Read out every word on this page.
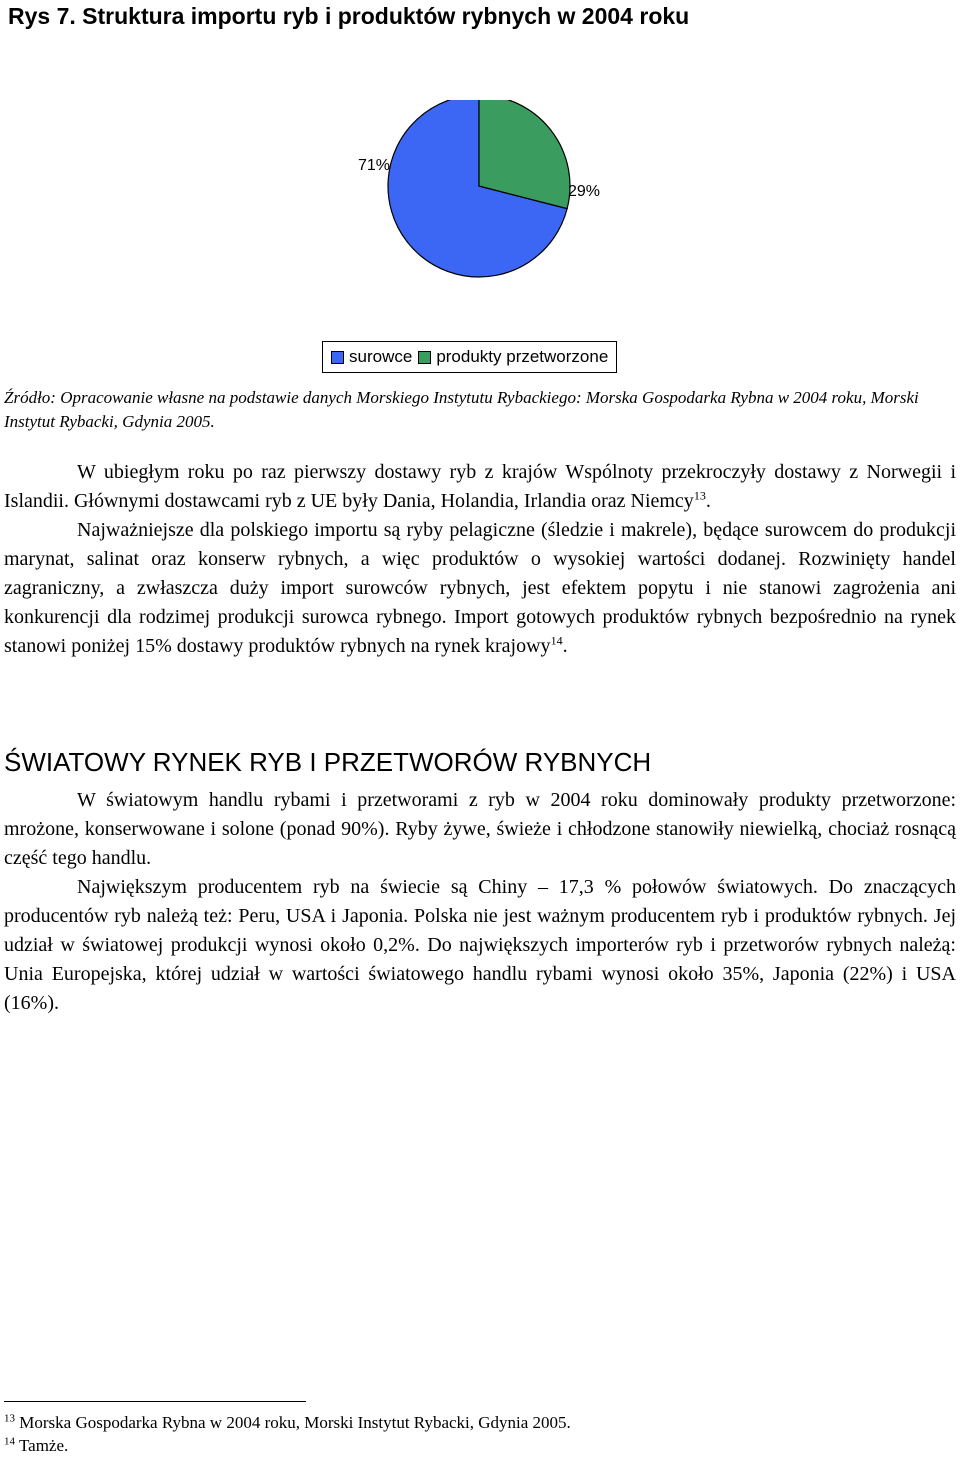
Rys 7. Struktura importu ryb i produktów rybnych w 2004 roku
71%
29%
surowce produkty przetworzone
Źródło: Opracowanie własne na podstawie danych Morskiego Instytutu Rybackiego: Morska Gospodarka Rybna w 2004 roku, Morski Instytut Rybacki, Gdynia 2005.

W ubiegłym roku po raz pierwszy dostawy ryb z krajów Wspólnoty przekroczyły dostawy z Norwegii i Islandii. Głównymi dostawcami ryb z UE były Dania, Holandia, Irlandia oraz Niemcy$^{13}$.

Najważniejsze dla polskiego importu są ryby pelagiczne (śledzie i makrele), będące surowcem do produkcji marynat, salinat oraz konserw rybnych, a więc produktów o wysokiej wartości dodanej. Rozwinięty handel zagraniczny, a zwłaszcza duży import surowców rybnych, jest efektem popytu i nie stanowi zagrożenia ani konkurencji dla rodzimej produkcji surowca rybnego. Import gotowych produktów rybnych bezpośrednio na rynek stanowi poniżej 15% dostawy produktów rybnych na rynek krajowy$^{14}$.

ŚWIATOWY RYNEK RYB I PRZETWORÓW RYBNYCH

W światowym handlu rybami i przetworami z ryb w 2004 roku dominowały produkty przetworzone: mrożone, konserwowane i solone (ponad 90%). Ryby żywe, świeże i chłodzone stanowiły niewielką, chociaż rosnącą część tego handlu.

Największym producentem ryb na świecie są Chiny – 17,3 % połowów światowych. Do znaczących producentów ryb należą też: Peru, USA i Japonia. Polska nie jest ważnym producentem ryb i produktów rybnych. Jej udział w światowej produkcji wynosi około 0,2%. Do największych importerów ryb i przetworów rybnych należą: Unia Europejska, której udział w wartości światowego handlu rybami wynosi około 35%, Japonia (22%) i USA (16%).

$^{13}$ Morska Gospodarka Rybna w 2004 roku, Morski Instytut Rybacki, Gdynia 2005.
$^{14}$ Tamże.
